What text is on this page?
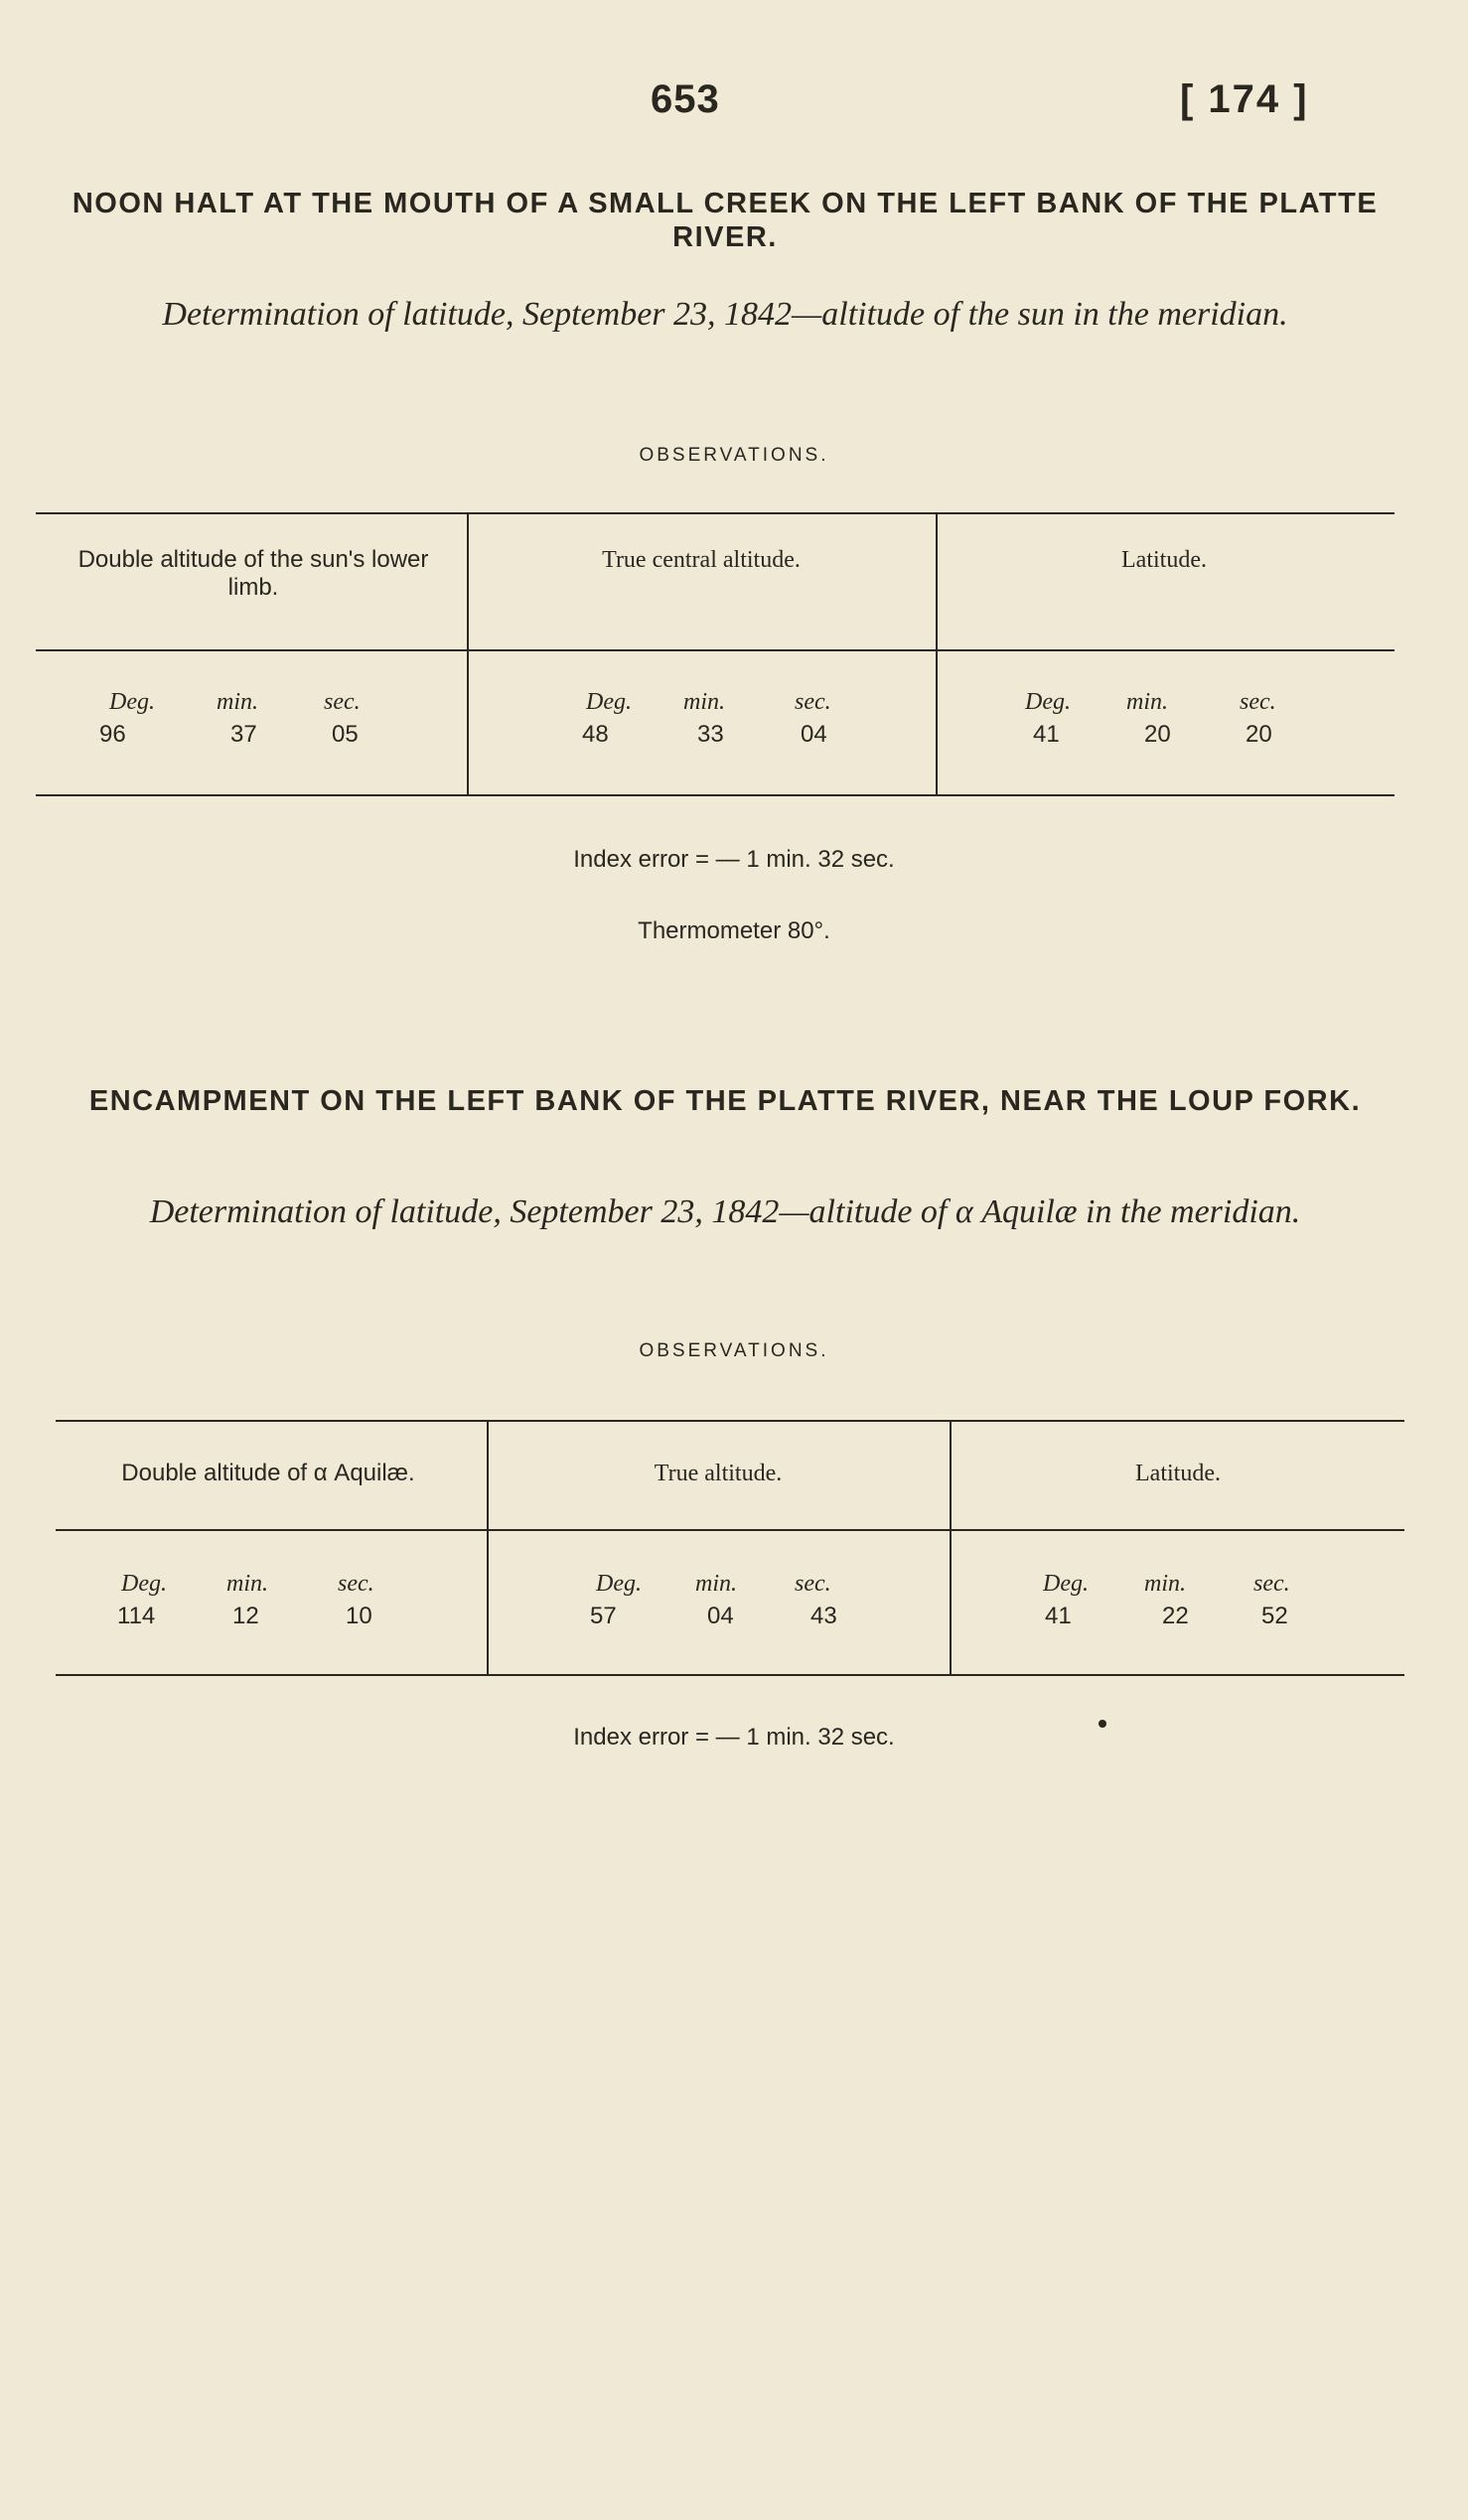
653	[ 174 ]
NOON HALT AT THE MOUTH OF A SMALL CREEK ON THE LEFT BANK OF THE PLATTE RIVER.
Determination of latitude, September 23, 1842—altitude of the sun in the meridian.
OBSERVATIONS.
Double altitude of the sun's lower limb.
True central altitude.	Latitude.
Deg.	min.	sec.	Deg. min.	sec.	Deg. min.	sec.
96	37	05	48	33	04	41	20	20
Index error = — 1 min. 32 sec.
Thermometer 80°.
ENCAMPMENT ON THE LEFT BANK OF THE PLATTE RIVER, NEAR THE LOUP FORK.
Determination of latitude, September 23, 1842—altitude of α Aquilæ in the meridian.
OBSERVATIONS.
Double altitude of α Aquilæ.	True altitude.	Latitude.
Deg.	min.	sec.	Deg. min. sec.	Deg. min.	sec.
114	12	10	57	04	43	41	22	52
Index error = — 1 min. 32 sec.
